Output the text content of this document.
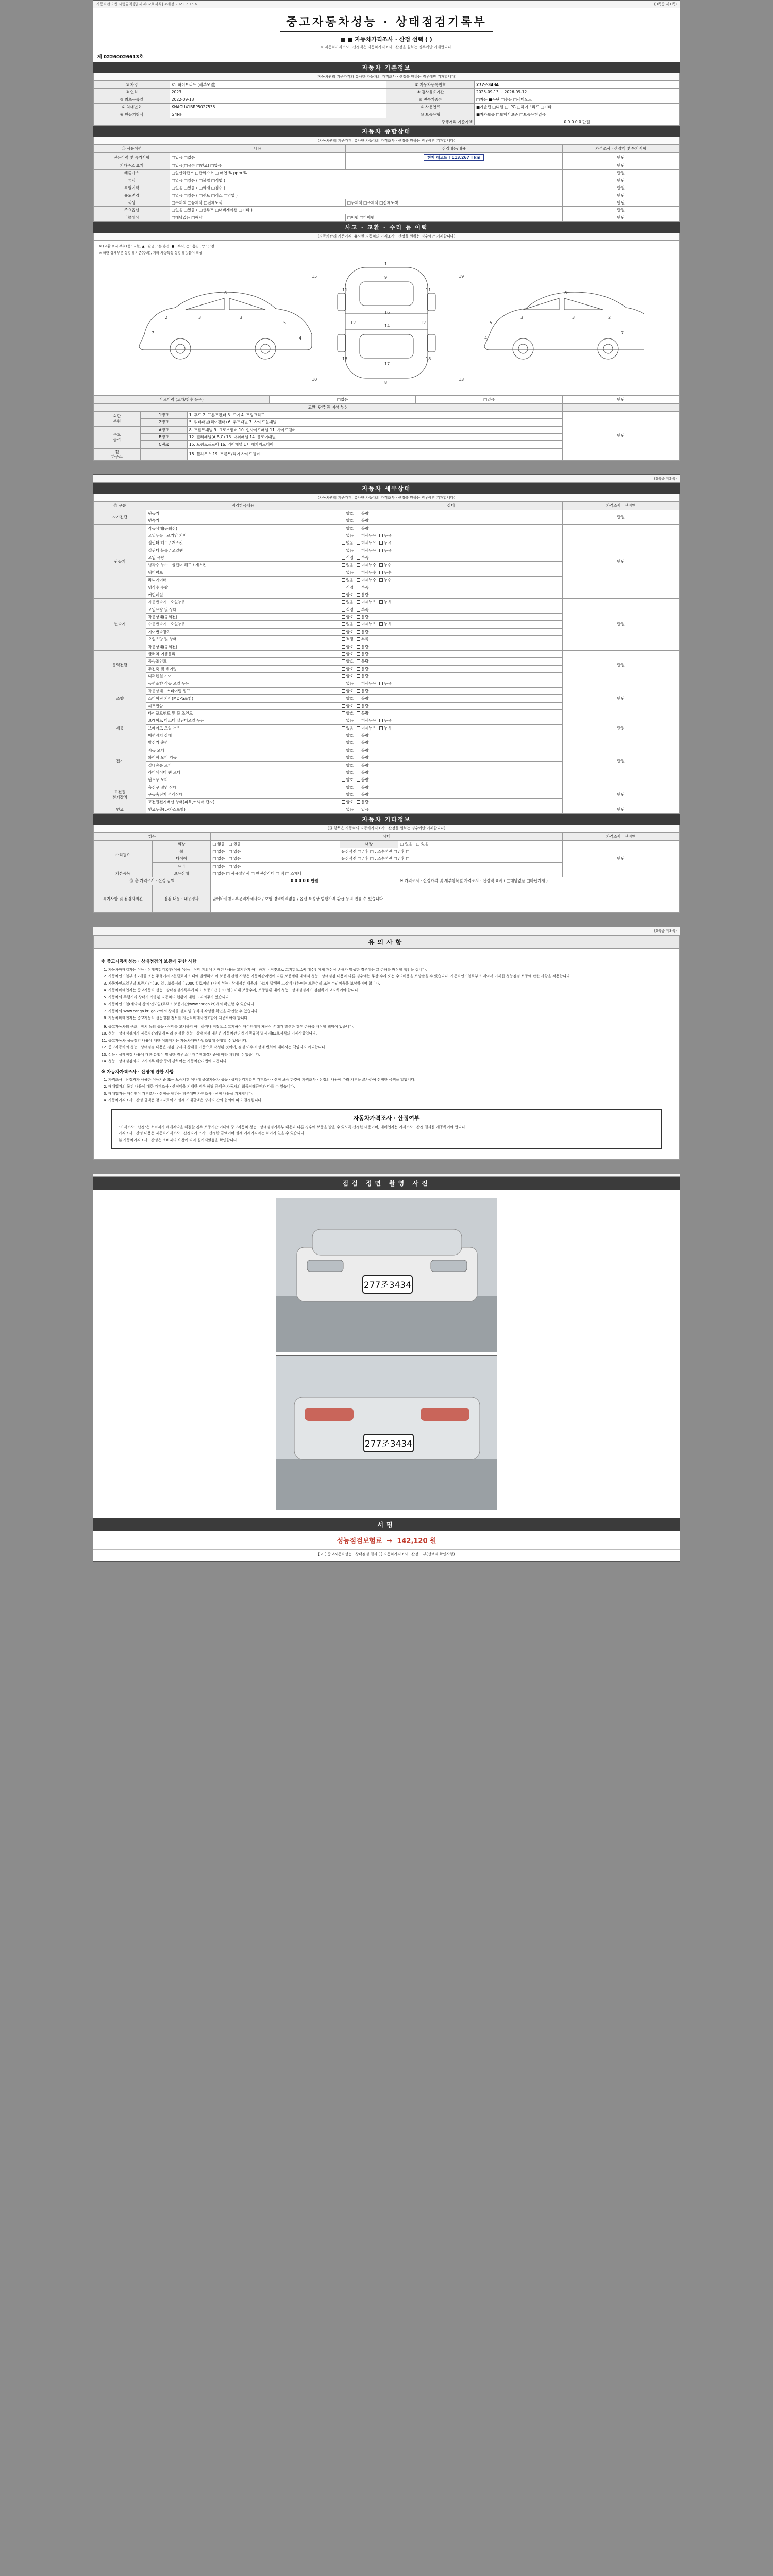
자동차관리법 시행규칙 [별지 제82호서식] <개정 2021.7.15.>	(3쪽중 제1쪽)
중고자동차성능 · 상태점검기록부
■ 자동차가격조사 · 산정 선택 ( )
※ 자동차가격조사 · 산정액은 자동차가격조사 · 산정을 원하는 경우에만 기재합니다.
제 02260026613호
자동차 기본정보
(자동차관리 기준가격과 유사한 자동차의 가격조사 · 산정을 원하는 경우에만 기재합니다)
① 차명	K5 하이브리드 (세부모델)	② 자동차등록번호	277조3434
③ 연식	2023	④ 검사유효기간	2025-09-13 ~ 2026-09-12
⑤ 최초등록일	2022-09-13	⑥ 변속기종류	□자동 ■무단 □수동 □세미오토
⑦ 차대번호	KNAGU41BRP5027535	⑧ 사용연료	■가솔린 □디젤 □LPG □하이브리드 □기타
⑨ 원동기형식	G4NH	⑩ 보증유형	■자가보증 □보험사보증 □보증유형없음
주행거리 기준가액			0 0 0 0 0 만원
자동차 종합상태
(자동차관리 기준가격, 유사한 자동차의 가격조사 · 산정을 원하는 경우에만 기재합니다)
⑪ 사용이력	내용	점검내용/내용	가격조사 · 산정액 및 특기사항
전용이력 및 특기사항	□있음 □없음	현재 레코드 [ 113,267 ] km	만원
기타주요 표기	□있음(□유류 □연료) □없음		만원
배출가스	□일산화탄소 □탄화수소 □ 매연 % ppm %		만원
튜닝	□없음 □있음 ( □불법 □적법 )		만원
특별이력	□없음 □있음 ( □화재 □침수 )		만원
용도변경	□없음 □있음 ( □렌트 □리스 □영업 )		만원
색상	□무채색 □유채색 □전체도색	□무채색 □유채색 □전체도색	만원
주요옵션	□없음 □있음 ( □선루프 □내비게이션 □기타 )		만원
리콜대상	□해당없음 □해당	□이행 □미이행	만원
사고 · 교환 · 수리 등 이력
(자동차관리 기준가격, 유사한 자동차의 가격조사 · 산정을 원하는 경우에만 기재합니다)
※ (교환 표시 부호) ╳ : 교환, ▲ : 판금 또는 용접, ● : 부식, ○ : 흠집 , ▽ : 요철
※ 하단 상세부분 상황에 기준(주의), 기타 차량특성 상황에 덧붙여 작성
7
3	3
5
6
2
4
1
9
16
14
17
8
11	11
18	18
12	12
3	3
5
7
6
2
4
10	13
15	19
사고이력 (교차/침수 유무)	□없음	□있음	만원
교환, 판금 등 이상 부위			
외판
부위	1랭크	1. 후드 2. 프론트펜더 3. 도어 4. 트렁크리드	만원
	2랭크	5. 쿼터패널(리어펜더) 6. 루프패널 7. 사이드실패널	
주요
골격	A랭크	8. 프론트패널 9. 크로스멤버 10. 인사이드패널 11. 사이드멤버	
	B랭크	12. 필러패널(A,B,C) 13. 대쉬패널 14. 플로어패널	
	C랭크	15. 트렁크플로어 16. 리어패널 17. 패키지트레이	
휠
하우스		18. 휠하우스 19. 프론트/리어 사이드멤버	
(3쪽중 제2쪽)
자동차 세부상태
(자동차관리 기준가격, 유사한 자동차의 가격조사 · 산정을 원하는 경우에만 기재합니다)
⑬ 구분	점검항목내용	상태	가격조사 · 산정액
자가진단	원동기	양호 불량	만원
	변속기	양호 불량	
원동기	작동상태(공회전)	양호 불량	만원
	오일누유   로커암 커버	없음 미세누유 누유	
	실린더 헤드 / 개스킷	없음 미세누유 누유	
	실린더 블록 / 오일팬	없음 미세누유 누유	
	오일 유량	적정 부족	
	냉각수 누수   실린더 헤드 / 개스킷	없음 미세누수 누수	
	워터펌프	없음 미세누수 누수	
	라디에이터	없음 미세누수 누수	
	냉각수 수량	적정 부족	
	커먼레일	양호 불량	
변속기	자동변속기   오일누유	없음 미세누유 누유	만원
	오일유량 및 상태	적정 부족	
	작동상태(공회전)	양호 불량	
	수동변속기   오일누유	없음 미세누유 누유	
	기어변속장치	양호 불량	
	오일유량 및 상태	적정 부족	
	작동상태(공회전)	양호 불량	
동력전달	클러치 어셈블리	양호 불량	만원
	등속조인트	양호 불량	
	추진축 및 베어링	양호 불량	
	디퍼렌셜 기어	양호 불량	
조향	동력조향 작동 오일 누유	없음 미세누유 누유	만원
	작동상태   스티어링 펌프	양호 불량	
	스티어링 기어(MDPS포함)	양호 불량	
	피트먼암	양호 불량	
	타이로드엔드 및 볼 조인트	양호 불량	
제동	브레이크 마스터 실린더오일 누유	없음 미세누유 누유	만원
	브레이크 오일 누유	없음 미세누유 누유	
	배력장치 상태	양호 불량	
전기	발전기 출력	양호 불량	만원
	시동 모터	양호 불량	
	와이퍼 모터 기능	양호 불량	
	실내송풍 모터	양호 불량	
	라디에이터 팬 모터	양호 불량	
	윈도우 모터	양호 불량	
고전원
전기장치	충전구 절연 상태	양호 불량	만원
	구동축전지 격리상태	양호 불량	
	고전원전기배선 상태(피복,커넥터,단자)	양호 불량	
연료	연료누출(LP가스포함)	없음 있음	만원
자동차 기타정보
(⑭ 항목은 자동차의 자동차가격조사 · 산정을 원하는 경우에만 기재합니다)
항목		상태			가격조사 · 산정액
수리필요	외장	□ 없음   □ 있음	내장	□ 없음   □ 있음	만원
	휠	□ 없음   □ 있음	운전석전 □ / 후 □ , 조수석전 □ / 후 □		
	타이어	□ 없음   □ 있음	운전석전 □ / 후 □ , 조수석전 □ / 후 □		
	유리	□ 없음   □ 있음			
기본품목	보유상태	□ 없음 □ 사용설명서 □ 안전삼각대 □ 잭 □ 스패너			
⑮ 총 가격조사 · 산정 금액		0 0 0 0 0 만원		※ 가격조사 · 산정가격 및 세부항목별 가격조사 · 산정액 표시 ( □해당없음 □하단기재 )	
특기사항 및 점검자의견	점검 내용 · 내용경과	앞에바퀴범교부문격자세사다 / 보험 경력이력없음 / 옵션 특성상 범행가격 환급 등의 인률 수 있습니다.			
(3쪽중 제3쪽)
유의사항
※ 중고자동차성능 · 상태점검의 보증에 관한 사항
1. 자동차매매업자는 성능 · 상태점검기록부(이하 "성능 · 상태 제외에 기재된 내용을 고지하지 아니하거나 거짓으로 고지함으로써 매수인에게 재산상 손해가 발생한 경우에는 그 손해를 배상할 책임을 집니다.
2. 자동차인도일부터 2개월 또는 주행거리 2천킬로미터 내에 발생하여 이 보증에 관한 사항은 자동차관리법에 따른 보증범위 내에서 성능 · 상태점검 내용과 다른 경우에는 무상 수리 또는 수리비용을 보상받을 수 있습니다. 자동차인도일로부터 계약서 기재한 성능점검 보증에 관한 사항을 적용합니다.
3. 자동차인도일부터 보증기간 ( 30 일 , 보증거리 ( 2000 킬로미터 ) 내에 성능 · 상태점검 내용과 다르게 발생한 고장에 대하여는 보증수리 또는 수리비용을 보상하여야 합니다.
4. 자동차매매업자는 중고자동차 성능 · 상태점검기록부에 따라 보증기간 ( 30 일 ) 이내 보증수리, 보증범위 내에 성능 · 상태점검자가 점검하여 고지하여야 합니다.
5. 자동차의 주행거리 상태가 사용된 자동차의 현황에 대한 고지의무가 있습니다.
6. 자동차인도일(계약서 상의 인도일)로부터 보증기간(www.car.go.kr)에서 확인할 수 있습니다.
7. 자동차의 www.car.go.kr, go.kr에서 상세를 검토 및 양식의 작성한 확인을 확인할 수 있습니다.
8. 자동차매매업자는 중고자동차 성능점검 정보를 자동차매매사업조합에 제공하여야 합니다.
9. 중고자동차의 구조 · 장치 등의 성능 · 상태를 고지하지 아니하거나 거짓으로 고지하여 매수인에게 재산상 손해가 발생한 경우 손해를 배상할 책임이 있습니다.
10. 성능 · 상태점검자가 자동차관리법에 따라 점검한 성능 · 상태점검 내용은 자동차관리법 시행규칙 별지 제82호서식의 기재사항입니다.
11. 중고자동차 성능점검 내용에 대한 이의제기는 자동차매매사업조합에 신청할 수 있습니다.
12. 중고자동차의 성능 · 상태점검 내용은 점검 당시의 상태를 기준으로 작성된 것이며, 점검 이후의 상태 변화에 대해서는 책임지지 아니합니다.
13. 성능 · 상태점검 내용에 대한 분쟁이 발생한 경우 소비자분쟁해결기준에 따라 처리할 수 있습니다.
14. 성능 · 상태점검자의 고지의무 위반 등에 관하여는 자동차관리법에 따릅니다.
※ 자동차가격조사 · 산정에 관한 사항
1. 가격조사 · 산정자가 사용한 성능기준 또는 보증기간 이내에 중고자동차 성능 · 상태점검기록부 가격조사 · 산정 보증 한것에 가격조사 · 산정의 내용에 따라 가격을 조사하여 산정한 금액을 말합니다.
2. 매매업자의 물건 내용에 대한 가격조사 · 산정액을 기재한 경우 해당 금액은 자동차의 최종거래금액과 다를 수 있습니다.
3. 매매업자는 매수인이 가격조사 · 산정을 원하는 경우에만 가격조사 · 산정 내용을 기재합니다.
4. 자동차가격조사 · 산정 금액은 참고자료이며 실제 거래금액은 당사자 간의 협의에 따라 결정됩니다.
자동차가격조사 · 산정여부

"가격조사 · 산정"은 소비자가 매매계약을 체결할 경우 보증기간 이내에 중고자동차 성능 · 상태점검기록부 내용과 다른 경우에 보증을 받을 수 있도록 산정한 내용이며, 매매업자는 가격조사 · 산정 결과를 제공하여야 합니다.

가격조사 · 산정 내용은 자동차가격조사 · 산정자가 조사 · 산정한 금액이며 실제 거래가격과는 차이가 있을 수 있습니다.

본 자동차가격조사 · 산정은 소비자의 요청에 따라 실시되었음을 확인합니다.

점검 정면 촬영 사진
277조3434
277조3434
서명
성능점검보험료  →  142,120 원
[ ✓ ] 중고자동차성능 · 상태점검 결과 [ ] 자동차가격조사 · 산정 1 부(선택적 확인사항)
